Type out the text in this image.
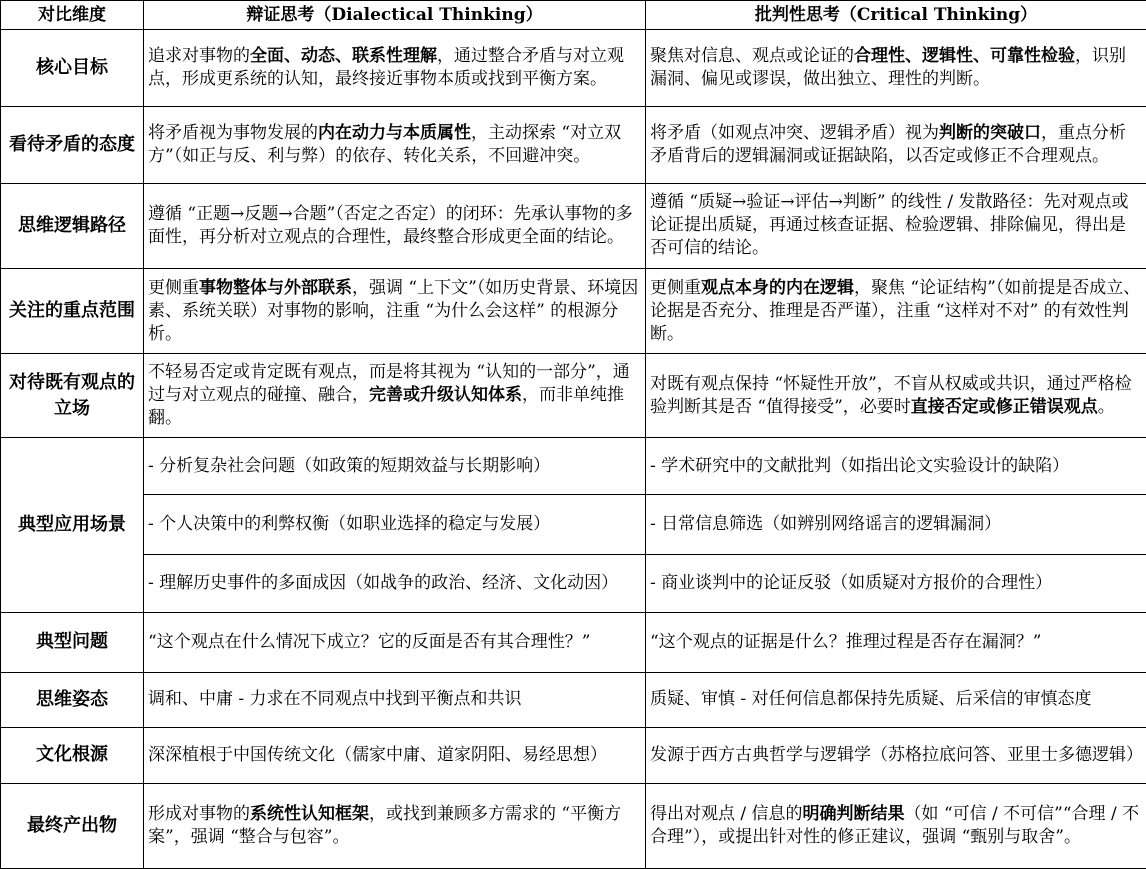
对比维度	辩证思考（Dialectical Thinking）	批判性思考（Critical Thinking）
核心目标	追求对事物的全面、动态、联系性理解，通过整合矛盾与对立观点，形成更系统的认知，最终接近事物本质或找到平衡方案。	聚焦对信息、观点或论证的合理性、逻辑性、可靠性检验，识别漏洞、偏见或谬误，做出独立、理性的判断。
看待矛盾的态度	将矛盾视为事物发展的内在动力与本质属性，主动探索 “对立双方”（如正与反、利与弊）的依存、转化关系，不回避冲突。	将矛盾（如观点冲突、逻辑矛盾）视为判断的突破口，重点分析矛盾背后的逻辑漏洞或证据缺陷，以否定或修正不合理观点。
思维逻辑路径	遵循 “正题→反题→合题”（否定之否定）的闭环：先承认事物的多面性，再分析对立观点的合理性，最终整合形成更全面的结论。	遵循 “质疑→验证→评估→判断” 的线性 / 发散路径：先对观点或论证提出质疑，再通过核查证据、检验逻辑、排除偏见，得出是否可信的结论。
关注的重点范围	更侧重事物整体与外部联系，强调 “上下文”（如历史背景、环境因素、系统关联）对事物的影响，注重 “为什么会这样” 的根源分析。	更侧重观点本身的内在逻辑，聚焦 “论证结构”（如前提是否成立、论据是否充分、推理是否严谨），注重 “这样对不对” 的有效性判断。
对待既有观点的立场	不轻易否定或肯定既有观点，而是将其视为 “认知的一部分”，通过与对立观点的碰撞、融合，完善或升级认知体系，而非单纯推翻。	对既有观点保持 “怀疑性开放”，不盲从权威或共识，通过严格检验判断其是否 “值得接受”，必要时直接否定或修正错误观点。
典型应用场景	- 分析复杂社会问题（如政策的短期效益与长期影响）	- 学术研究中的文献批判（如指出论文实验设计的缺陷）
	- 个人决策中的利弊权衡（如职业选择的稳定与发展）	- 日常信息筛选（如辨别网络谣言的逻辑漏洞）
	- 理解历史事件的多面成因（如战争的政治、经济、文化动因）	- 商业谈判中的论证反驳（如质疑对方报价的合理性）
典型问题	“这个观点在什么情况下成立？它的反面是否有其合理性？”	“这个观点的证据是什么？推理过程是否存在漏洞？”
思维姿态	调和、中庸 - 力求在不同观点中找到平衡点和共识	质疑、审慎 - 对任何信息都保持先质疑、后采信的审慎态度
文化根源	深深植根于中国传统文化（儒家中庸、道家阴阳、易经思想）	发源于西方古典哲学与逻辑学（苏格拉底问答、亚里士多德逻辑）
最终产出物	形成对事物的系统性认知框架，或找到兼顾多方需求的 “平衡方案”，强调 “整合与包容”。	得出对观点 / 信息的明确判断结果（如 “可信 / 不可信”“合理 / 不合理”），或提出针对性的修正建议，强调 “甄别与取舍”。
